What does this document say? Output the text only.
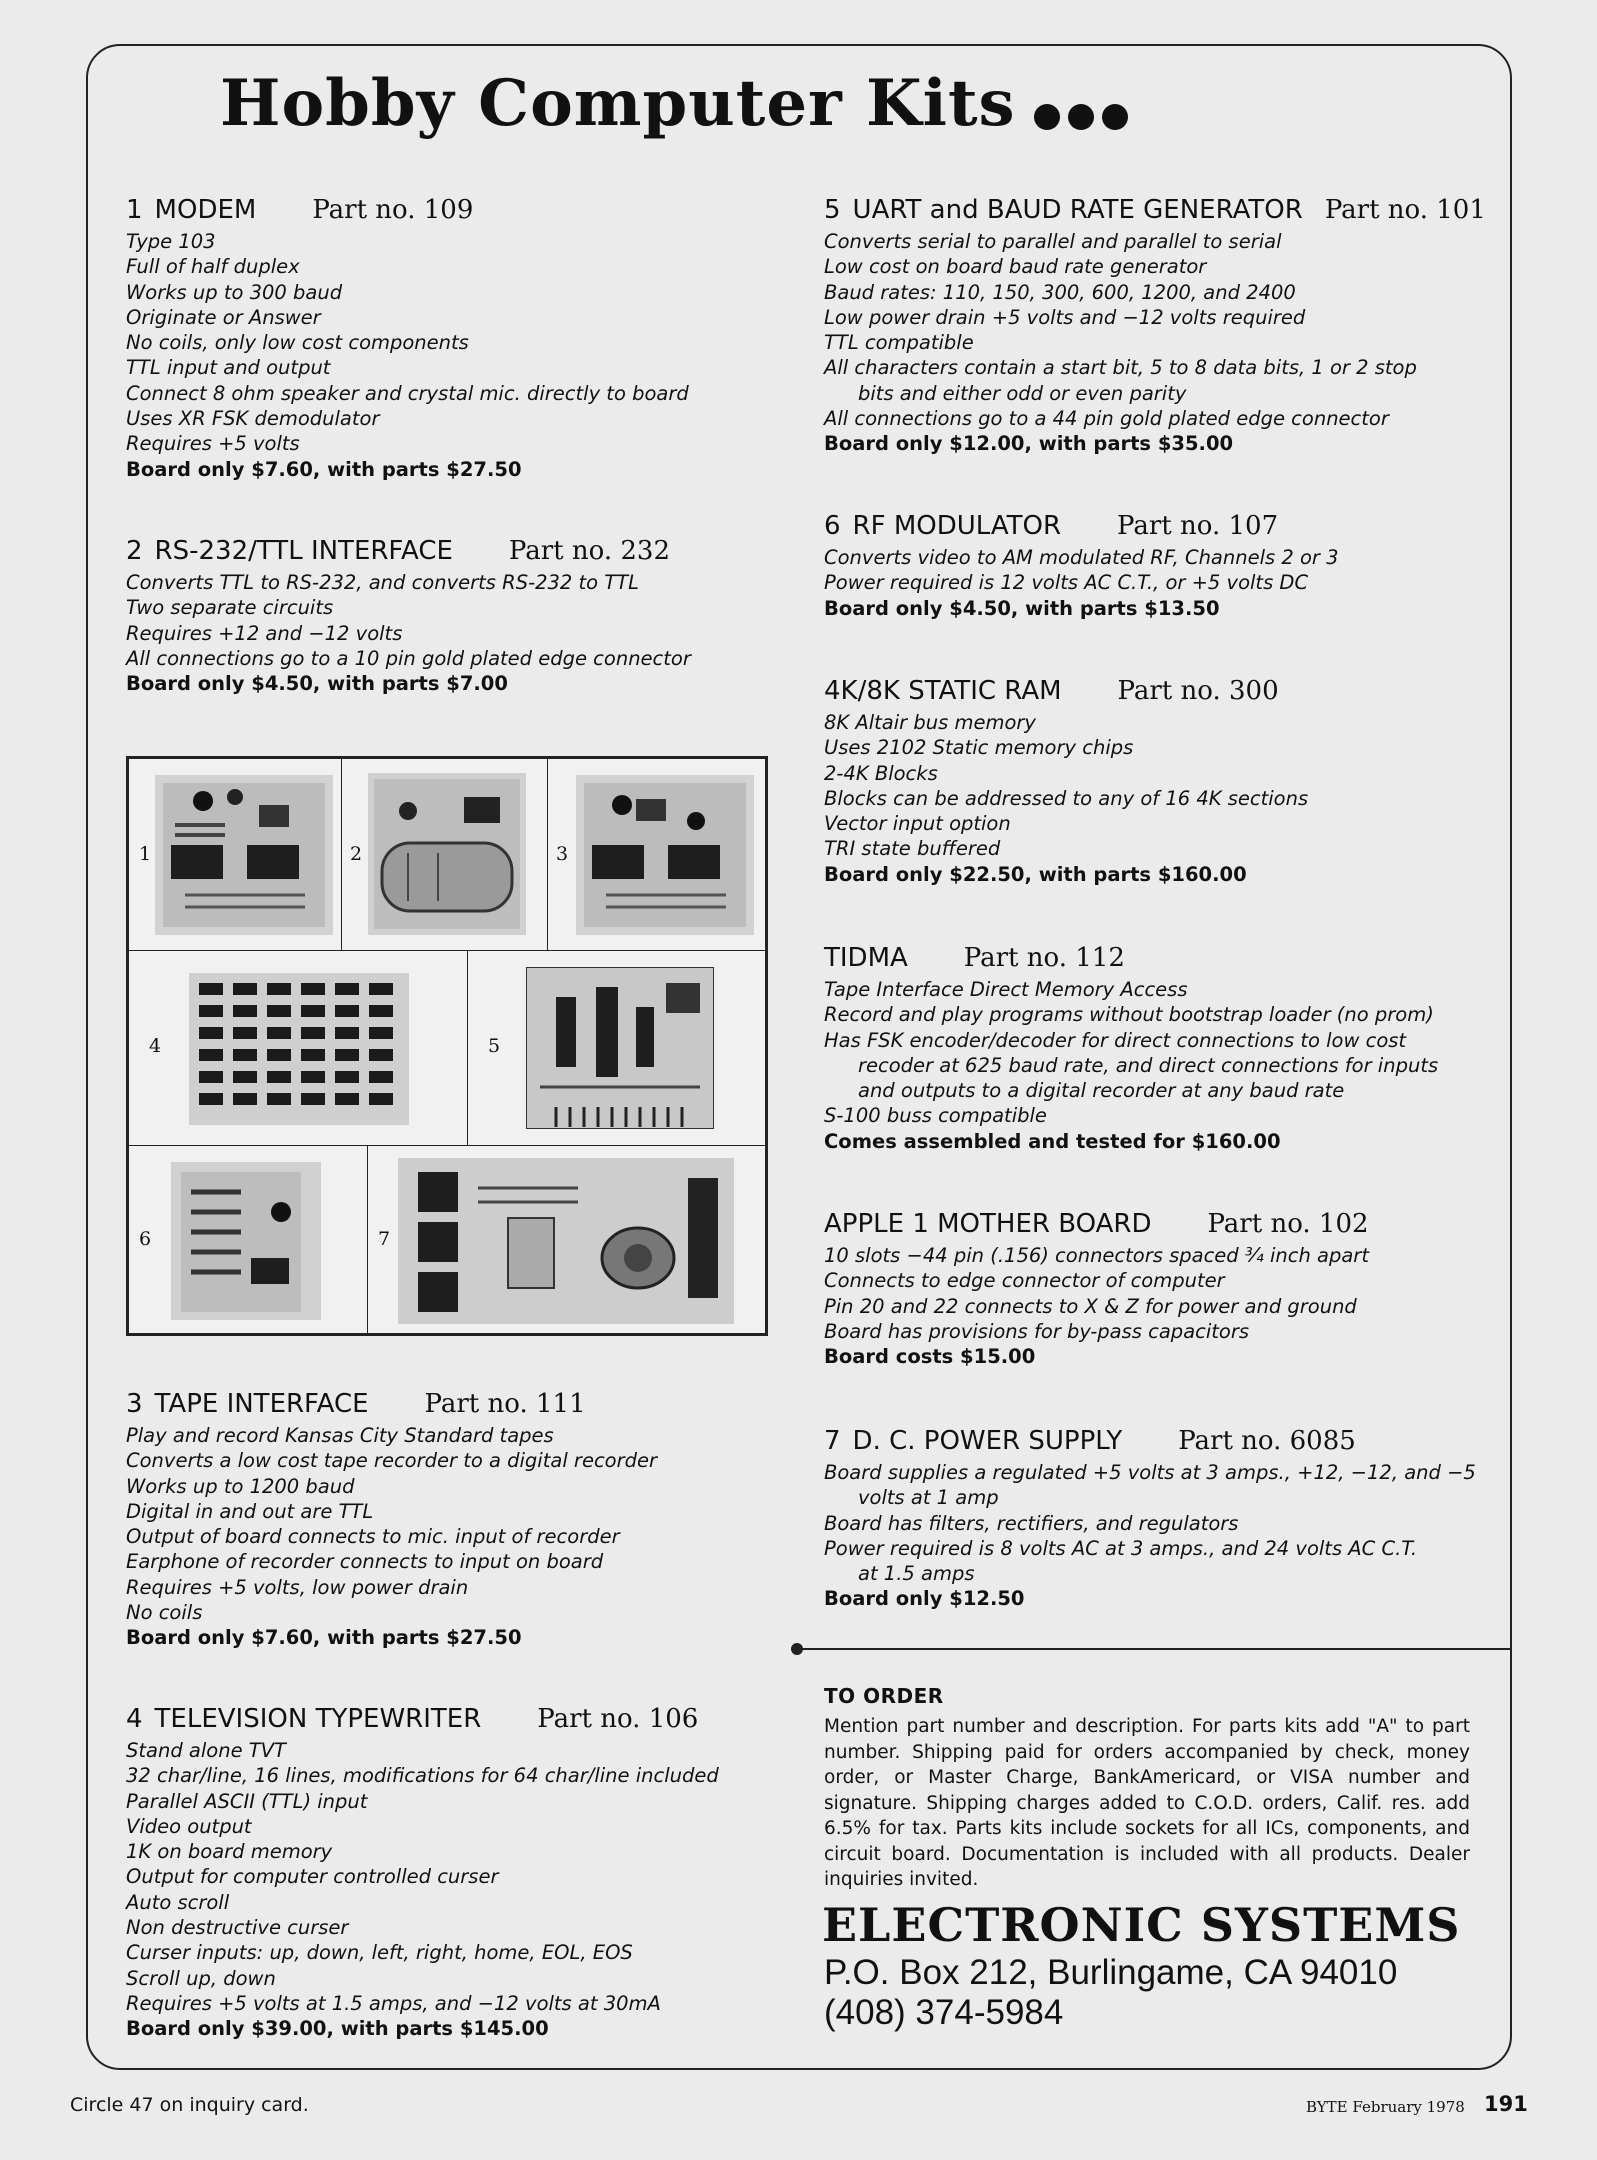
Hobby Computer Kits
1 MODEM Part no. 109
Type 103
Full of half duplex
Works up to 300 baud
Originate or Answer
No coils, only low cost components
TTL input and output
Connect 8 ohm speaker and crystal mic. directly to board
Uses XR FSK demodulator
Requires +5 volts
Board only $7.60, with parts $27.50
2 RS-232/TTL INTERFACE Part no. 232
Converts TTL to RS-232, and converts RS-232 to TTL
Two separate circuits
Requires +12 and −12 volts
All connections go to a 10 pin gold plated edge connector
Board only $4.50, with parts $7.00
1	2	3
4	5
6	7
3 TAPE INTERFACE Part no. 111
Play and record Kansas City Standard tapes
Converts a low cost tape recorder to a digital recorder
Works up to 1200 baud
Digital in and out are TTL
Output of board connects to mic. input of recorder
Earphone of recorder connects to input on board
Requires +5 volts, low power drain
No coils
Board only $7.60, with parts $27.50
4 TELEVISION TYPEWRITER Part no. 106
Stand alone TVT
32 char/line, 16 lines, modifications for 64 char/line included
Parallel ASCII (TTL) input
Video output
1K on board memory
Output for computer controlled curser
Auto scroll
Non destructive curser
Curser inputs: up, down, left, right, home, EOL, EOS
Scroll up, down
Requires +5 volts at 1.5 amps, and −12 volts at 30mA
Board only $39.00, with parts $145.00
5 UART and BAUD RATE GENERATOR Part no. 101
Converts serial to parallel and parallel to serial
Low cost on board baud rate generator
Baud rates: 110, 150, 300, 600, 1200, and 2400
Low power drain +5 volts and −12 volts required
TTL compatible
All characters contain a start bit, 5 to 8 data bits, 1 or 2 stop
bits and either odd or even parity
All connections go to a 44 pin gold plated edge connector
Board only $12.00, with parts $35.00
6 RF MODULATOR Part no. 107
Converts video to AM modulated RF, Channels 2 or 3
Power required is 12 volts AC C.T., or +5 volts DC
Board only $4.50, with parts $13.50
4K/8K STATIC RAM Part no. 300
8K Altair bus memory
Uses 2102 Static memory chips
2-4K Blocks
Blocks can be addressed to any of 16 4K sections
Vector input option
TRI state buffered
Board only $22.50, with parts $160.00
TIDMA Part no. 112
Tape Interface Direct Memory Access
Record and play programs without bootstrap loader (no prom)
Has FSK encoder/decoder for direct connections to low cost
recoder at 625 baud rate, and direct connections for inputs
and outputs to a digital recorder at any baud rate
S-100 buss compatible
Comes assembled and tested for $160.00
APPLE 1 MOTHER BOARD Part no. 102
10 slots −44 pin (.156) connectors spaced ¾ inch apart
Connects to edge connector of computer
Pin 20 and 22 connects to X & Z for power and ground
Board has provisions for by-pass capacitors
Board costs $15.00
7 D. C. POWER SUPPLY Part no. 6085
Board supplies a regulated +5 volts at 3 amps., +12, −12, and −5
volts at 1 amp
Board has filters, rectifiers, and regulators
Power required is 8 volts AC at 3 amps., and 24 volts AC C.T.
at 1.5 amps
Board only $12.50
TO ORDER
Mention part number and description. For parts kits add "A" to part number. Shipping paid for orders accompanied by check, money order, or Master Charge, BankAmericard, or VISA number and signature. Shipping charges added to C.O.D. orders, Calif. res. add 6.5% for tax. Parts kits include sockets for all ICs, components, and circuit board. Documentation is included with all products. Dealer inquiries invited.
ELECTRONIC SYSTEMS
P.O. Box 212, Burlingame, CA 94010
(408) 374-5984
Circle 47 on inquiry card.	BYTE February 1978 191
